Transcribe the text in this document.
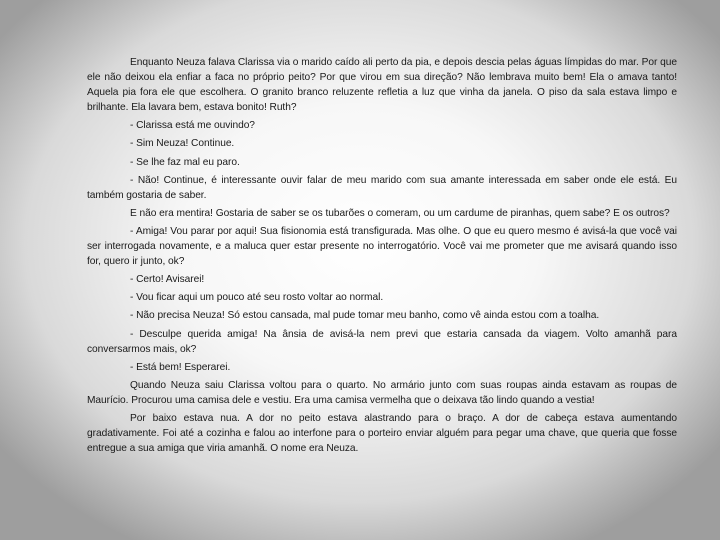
Enquanto Neuza falava Clarissa via o marido caído ali perto da pia, e depois descia pelas águas límpidas do mar. Por que ele não deixou ela enfiar a faca no próprio peito? Por que virou em sua direção? Não lembrava muito bem! Ela o amava tanto! Aquela pia fora ele que escolhera. O granito branco reluzente refletia a luz que vinha da janela. O piso da sala estava limpo e brilhante. Ela lavara bem, estava bonito! Ruth?

- Clarissa está me ouvindo?

- Sim Neuza! Continue.

- Se lhe faz mal eu paro.

- Não! Continue, é interessante ouvir falar de meu marido com sua amante interessada em saber onde ele está. Eu também gostaria de saber.

E não era mentira! Gostaria de saber se os tubarões o comeram, ou um cardume de piranhas, quem sabe? E os outros?

- Amiga! Vou parar por aqui! Sua fisionomia está transfigurada. Mas olhe. O que eu quero mesmo é avisá-la que você vai ser interrogada novamente, e a maluca quer estar presente no interrogatório. Você vai me prometer que me avisará quando isso for, quero ir junto, ok?

- Certo! Avisarei!

- Vou ficar aqui um pouco até seu rosto voltar ao normal.

- Não precisa Neuza! Só estou cansada, mal pude tomar meu banho, como vê ainda estou com a toalha.

- Desculpe querida amiga! Na ânsia de avisá-la nem previ que estaria cansada da viagem. Volto amanhã para conversarmos mais, ok?

- Está bem! Esperarei.

Quando Neuza saiu Clarissa voltou para o quarto. No armário junto com suas roupas ainda estavam as roupas de Maurício. Procurou uma camisa dele e vestiu. Era uma camisa vermelha que o deixava tão lindo quando a vestia!

Por baixo estava nua. A dor no peito estava alastrando para o braço. A dor de cabeça estava aumentando gradativamente. Foi até a cozinha e falou ao interfone para o porteiro enviar alguém para pegar uma chave, que queria que fosse entregue a sua amiga que viria amanhã. O nome era Neuza.
